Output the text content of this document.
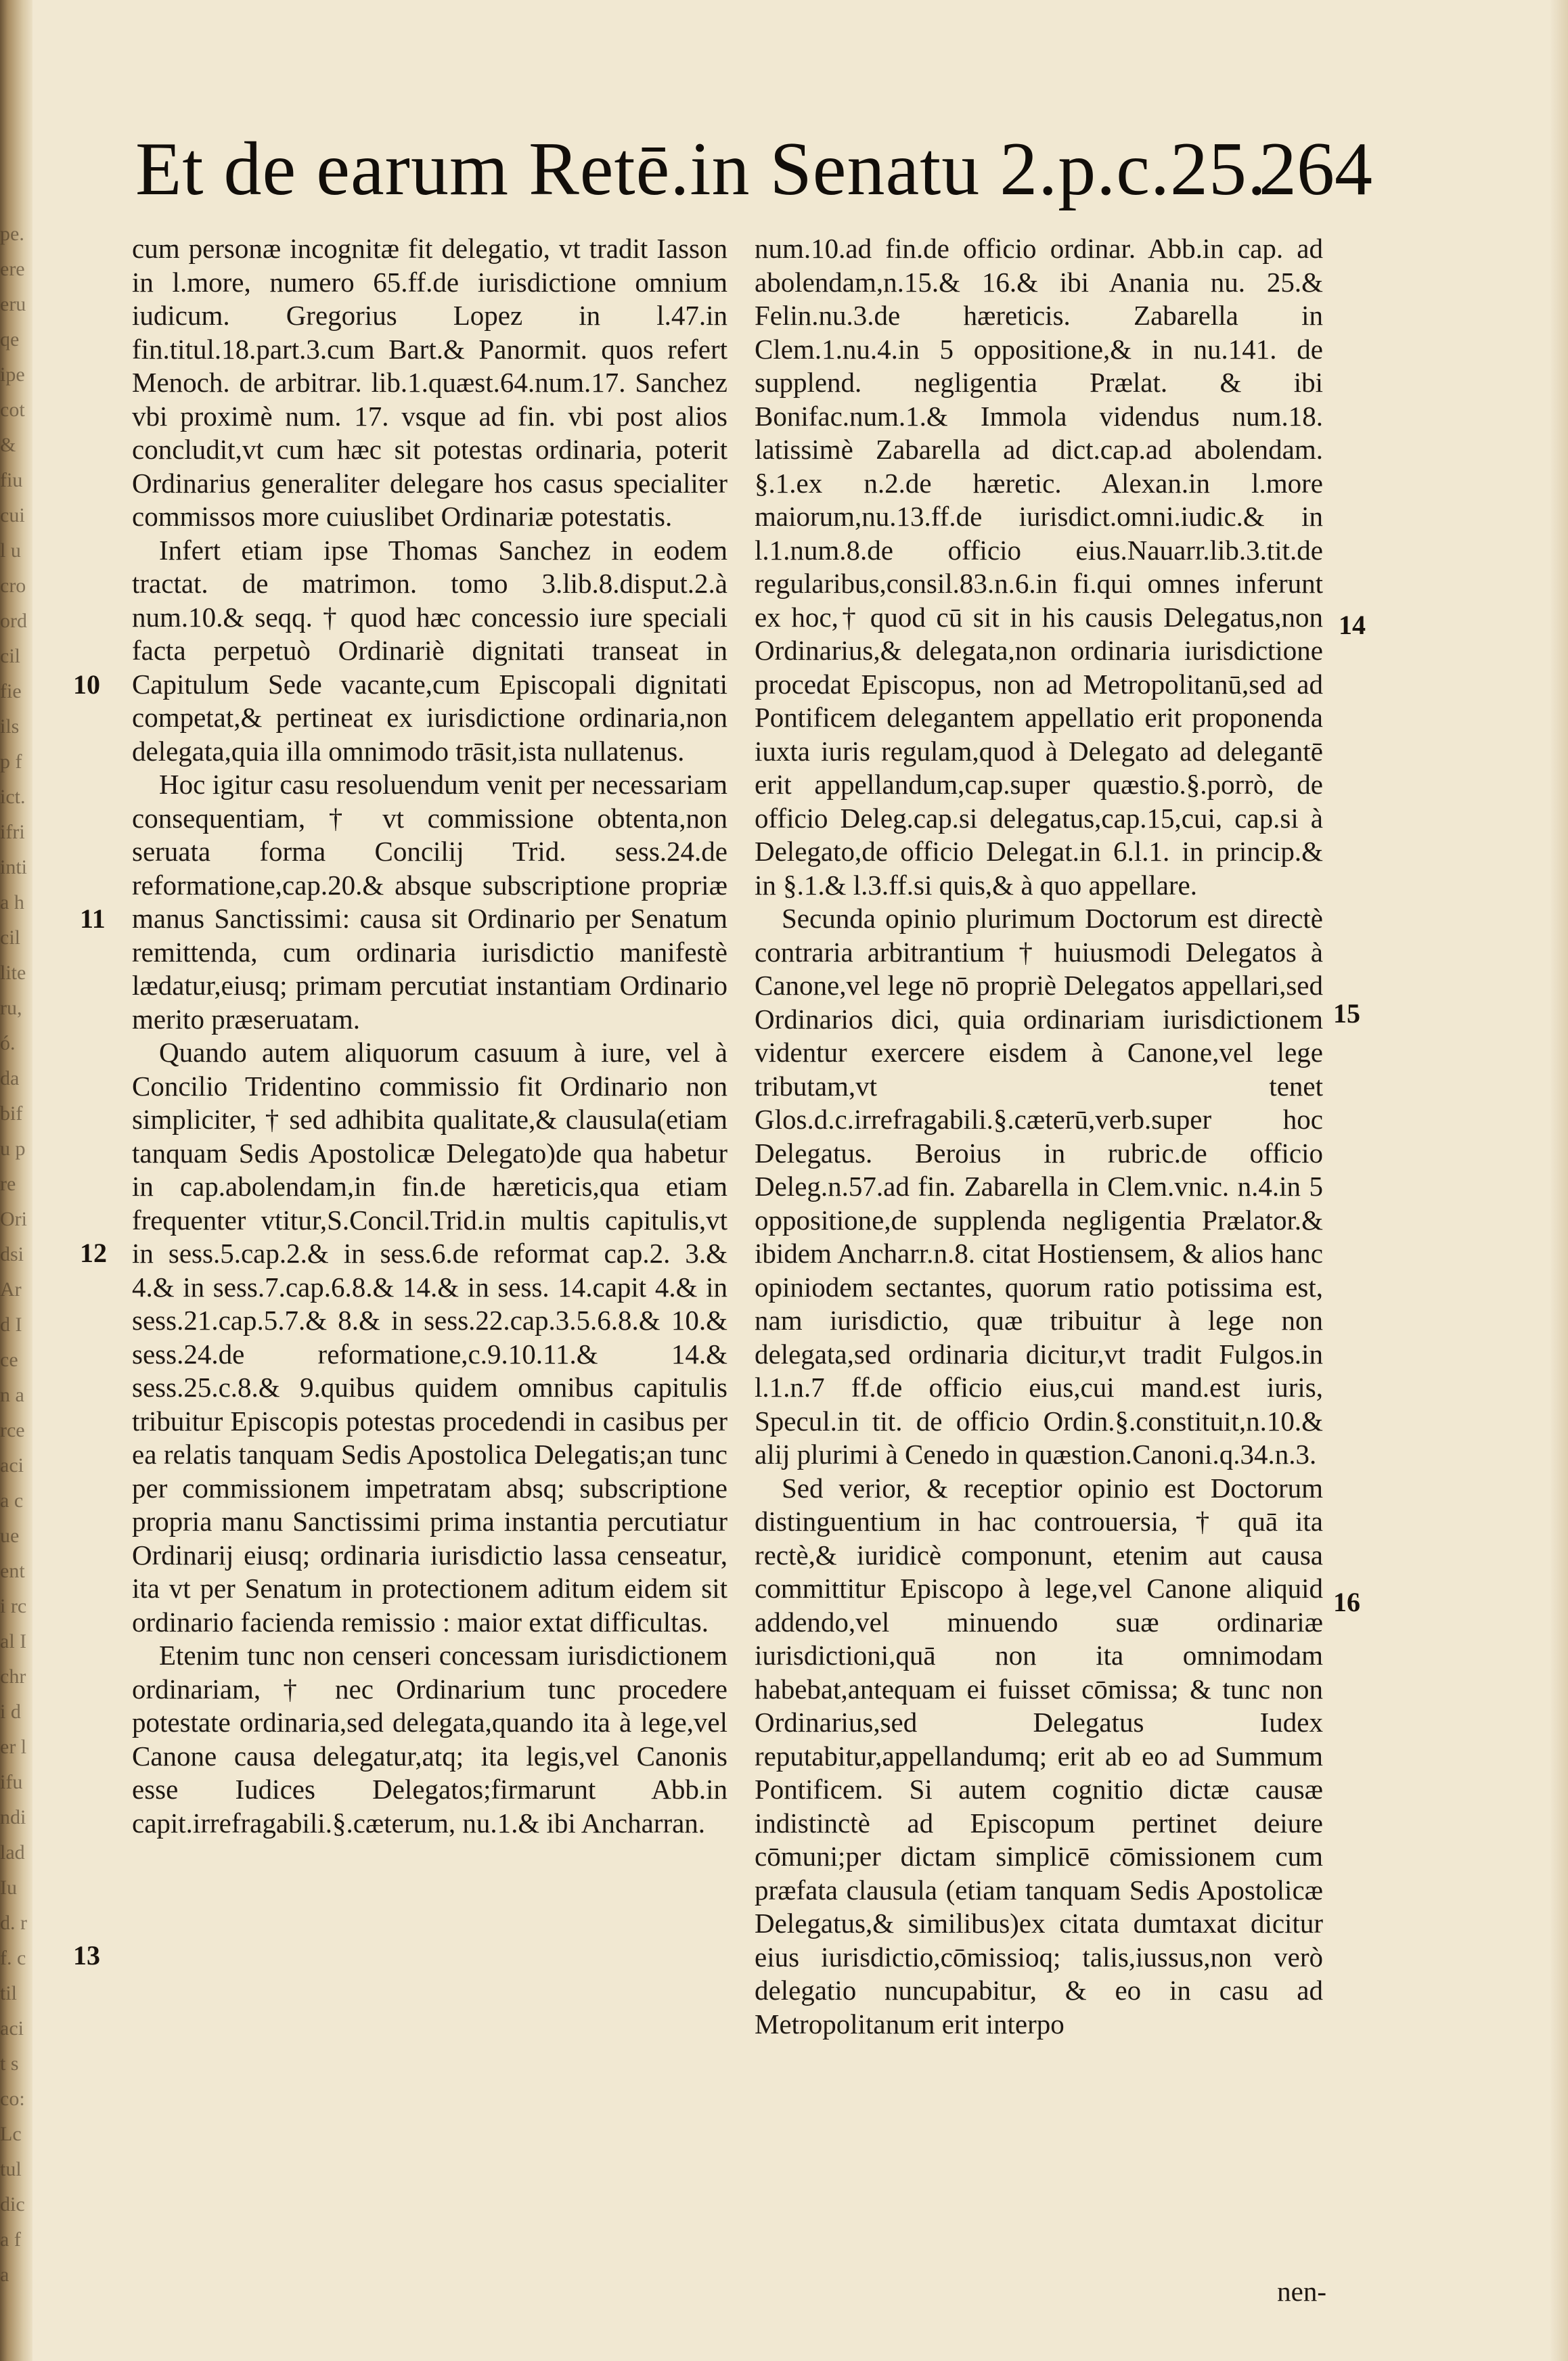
pe. ere eru qe ipe cot & fiu cuil ucro ord cil fie ilsp fict. ifri intia hcil lite ru,ó. da bifu pre Ori dsi Ard Icen arce acia cue enti rcal Ichri der lifu ndi lad Iud. rf. ctil acit sco: Lc tul dica fa
Et de earum Retē.in Senatu 2.p.c.25.
264

cum personæ incognitæ fit delegatio, vt tradit Iasson in l.more, numero 65.ff.de iurisdictione omnium iudicum. Gregorius Lopez in l.47.in fin.titul.18.part.3.cum Bart.& Panormit. quos refert Menoch. de arbitrar. lib.1.quæst.64.num.17. Sanchez vbi proximè num. 17. vsque ad fin. vbi post alios concludit,vt cum hæc sit potestas ordinaria, poterit Ordinarius generaliter delegare hos casus specialiter commissos more cuiuslibet Ordinariæ potestatis.

Infert etiam ipse Thomas Sanchez in eodem tractat. de matrimon. tomo 3.lib.8.disput.2.à num.10.& seqq. † quod hæc concessio iure speciali facta perpetuò Ordinariè dignitati transeat in Capitulum Sede vacante,cum Episcopali dignitati competat,& pertineat ex iurisdictione ordinaria,non delegata,quia illa omnimodo trāsit,ista nullatenus.

Hoc igitur casu resoluendum venit per necessariam consequentiam, † vt commissione obtenta,non seruata forma Concilij Trid. sess.24.de reformatione,cap.20.& absque subscriptione propriæ manus Sanctissimi: causa sit Ordinario per Senatum remittenda, cum ordinaria iurisdictio manifestè lædatur,eiusq; primam percutiat instantiam Ordinario merito præseruatam.

Quando autem aliquorum casuum à iure, vel à Concilio Tridentino commissio fit Ordinario non simpliciter, † sed adhibita qualitate,& clausula(etiam tanquam Sedis Apostolicæ Delegato)de qua habetur in cap.abolendam,in fin.de hæreticis,qua etiam frequenter vtitur,S.Concil.Trid.in multis capitulis,vt in sess.5.cap.2.& in sess.6.de reformat cap.2. 3.& 4.& in sess.7.cap.6.8.& 14.& in sess. 14.capit 4.& in sess.21.cap.5.7.& 8.& in sess.22.cap.3.5.6.8.& 10.& sess.24.de reformatione,c.9.10.11.& 14.& sess.25.c.8.& 9.quibus quidem omnibus capitulis tribuitur Episcopis potestas procedendi in casibus per ea relatis tanquam Sedis Apostolica Delegatis;an tunc per commissionem impetratam absq; subscriptione propria manu Sanctissimi prima instantia percutiatur Ordinarij eiusq; ordinaria iurisdictio lassa censeatur, ita vt per Senatum in protectionem aditum eidem sit ordinario facienda remissio : maior extat difficultas.

Etenim tunc non censeri concessam iurisdictionem ordinariam, † nec Ordinarium tunc procedere potestate ordinaria,sed delegata,quando ita à lege,vel Canone causa delegatur,atq; ita legis,vel Canonis esse Iudices Delegatos;firmarunt Abb.in capit.irrefragabili.§.cæterum, nu.1.& ibi Ancharran.

num.10.ad fin.de officio ordinar. Abb.in cap. ad abolendam,n.15.& 16.& ibi Anania nu. 25.& Felin.nu.3.de hæreticis. Zabarella in Clem.1.nu.4.in 5 oppositione,& in nu.141. de supplend. negligentia Prælat. & ibi Bonifac.num.1.& Immola videndus num.18. latissimè Zabarella ad dict.cap.ad abolendam. §.1.ex n.2.de hæretic. Alexan.in l.more maiorum,nu.13.ff.de iurisdict.omni.iudic.& in l.1.num.8.de officio eius.Nauarr.lib.3.tit.de regularibus,consil.83.n.6.in fi.qui omnes inferunt ex hoc,† quod cū sit in his causis Delegatus,non Ordinarius,& delegata,non ordinaria iurisdictione procedat Episcopus, non ad Metropolitanū,sed ad Pontificem delegantem appellatio erit proponenda iuxta iuris regulam,quod à Delegato ad delegantē erit appellandum,cap.super quæstio.§.porrò, de officio Deleg.cap.si delegatus,cap.15,cui, cap.si à Delegato,de officio Delegat.in 6.l.1. in princip.& in §.1.& l.3.ff.si quis,& à quo appellare.

Secunda opinio plurimum Doctorum est directè contraria arbitrantium † huiusmodi Delegatos à Canone,vel lege nō propriè Delegatos appellari,sed Ordinarios dici, quia ordinariam iurisdictionem videntur exercere eisdem à Canone,vel lege tributam,vt tenet Glos.d.c.irrefragabili.§.cæterū,verb.super hoc Delegatus. Beroius in rubric.de officio Deleg.n.57.ad fin. Zabarella in Clem.vnic. n.4.in 5 oppositione,de supplenda negligentia Prælator.& ibidem Ancharr.n.8. citat Hostiensem, & alios hanc opiniodem sectantes, quorum ratio potissima est, nam iurisdictio, quæ tribuitur à lege non delegata,sed ordinaria dicitur,vt tradit Fulgos.in l.1.n.7 ff.de officio eius,cui mand.est iuris, Specul.in tit. de officio Ordin.§.constituit,n.10.& alij plurimi à Cenedo in quæstion.Canoni.q.34.n.3.

Sed verior, & receptior opinio est Doctorum distinguentium in hac controuersia, † quā ita rectè,& iuridicè componunt, etenim aut causa committitur Episcopo à lege,vel Canone aliquid addendo,vel minuendo suæ ordinariæ iurisdictioni,quā non ita omnimodam habebat,antequam ei fuisset cōmissa; & tunc non Ordinarius,sed Delegatus Iudex reputabitur,appellandumq; erit ab eo ad Summum Pontificem. Si autem cognitio dictæ causæ indistinctè ad Episcopum pertinet deiure cōmuni;per dictam simplicē cōmissionem cum præfata clausula (etiam tanquam Sedis Apostolicæ Delegatus,& similibus)ex citata dumtaxat dicitur eius iurisdictio,cōmissioq; talis,iussus,non verò delegatio nuncupabitur, & eo in casu ad Metropolitanum erit interpo

10
11
12
13
14
15
16
nen-
